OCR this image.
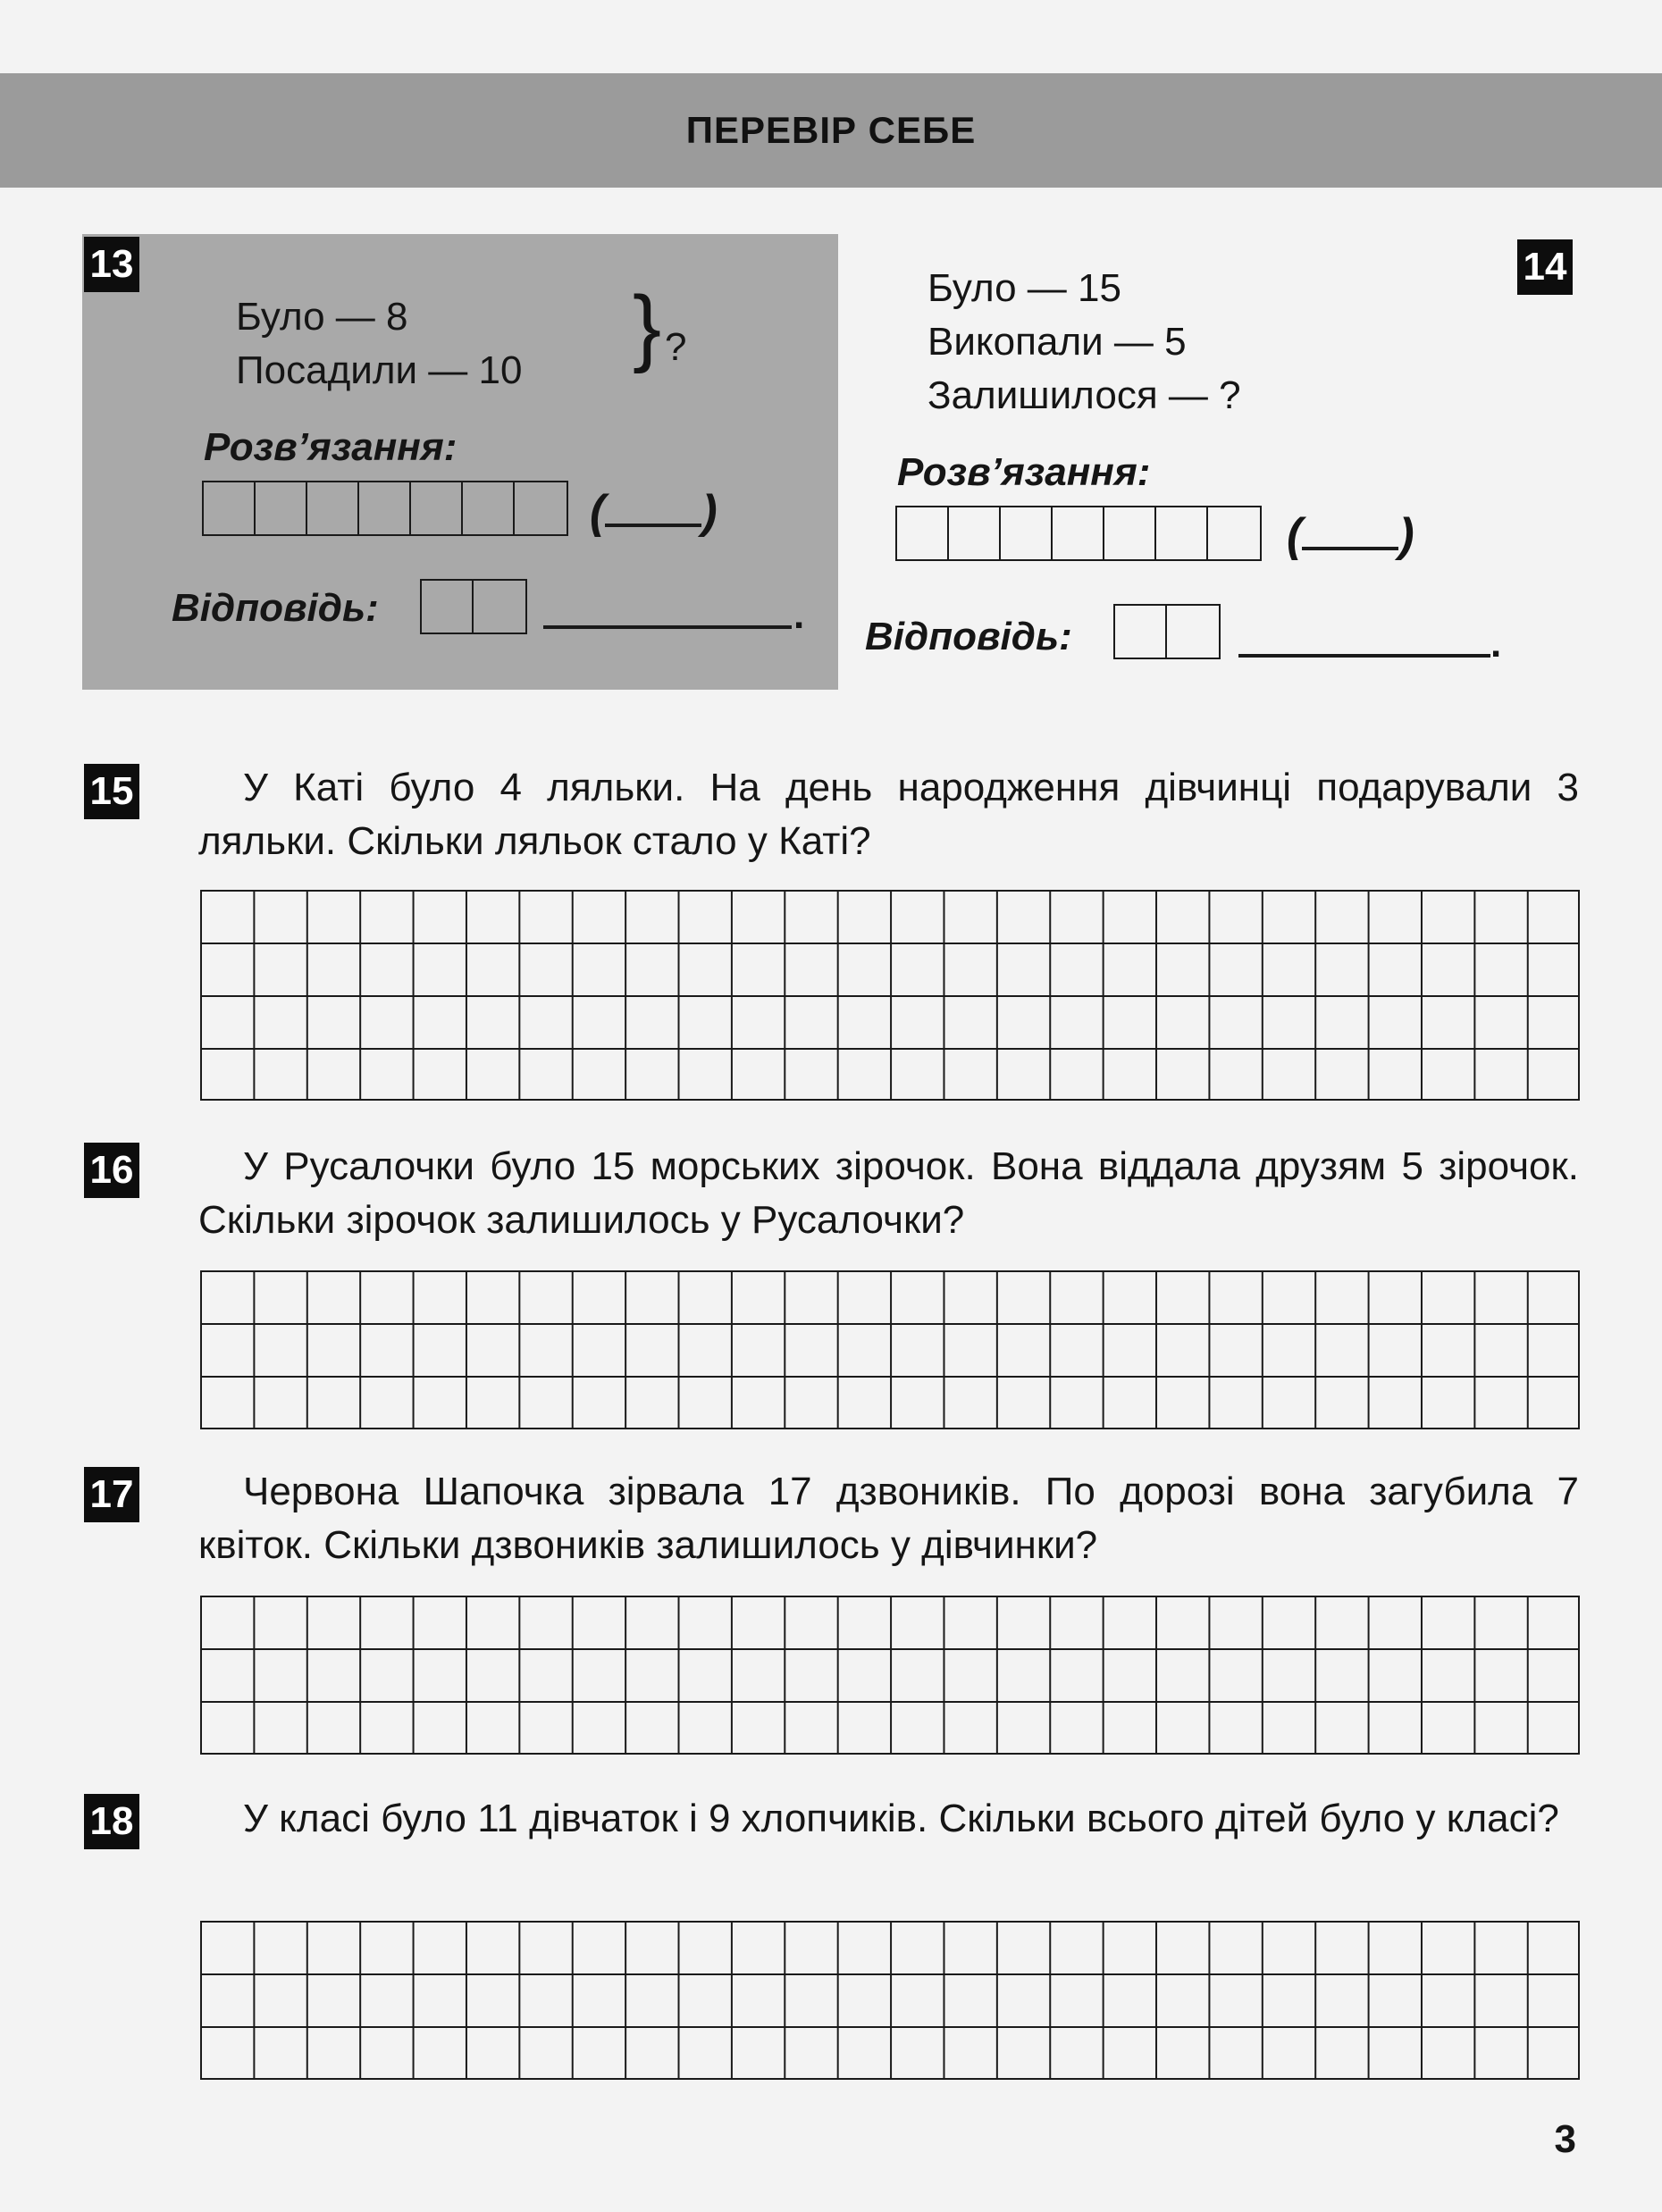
ПЕРЕВІР СЕБЕ
13
Було — 8
Посадили — 10 } ?
Розв’язання:
( )
Відповідь:	.
14
Було — 15
Викопали — 5
Залишилося — ?
Розв’язання:
( )
Відповідь:	.
15	У Каті було 4 ляльки. На день народження дівчинці подарували 3 ляльки. Скільки ляльок стало у Каті?
16	У Русалочки було 15 морських зірочок. Вона віддала друзям 5 зірочок. Скільки зірочок залишилось у Русалочки?
17	Червона Шапочка зірвала 17 дзвоників. По дорозі вона загубила 7 квіток. Скільки дзвоників залишилось у дівчинки?
18	У класі було 11 дівчаток і 9 хлопчиків. Скільки всього дітей було у класі?
3
